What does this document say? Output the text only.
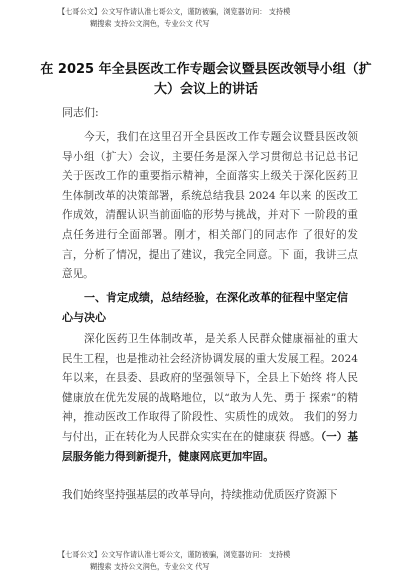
【七哥公文】公文写作请认准七哥公文，谨防被骗，浏览器访问： 支持模
糊搜索 支持公文润色，专业公文 代写
在 2025 年全县医改工作专题会议暨县医改领导小组（扩大）会议上的讲话
同志们:
今天，我们在这里召开全县医改工作专题会议暨县医改领导小组（扩大）会议，主要任务是深入学习贯彻总书记总书记关于医改工作的重要指示精神，全面落实上级关于深化医药卫生体制改革的决策部署，系统总结我县 2024 年以来 的医改工作成效，清醒认识当前面临的形势与挑战，并对下 一阶段的重点任务进行全面部署。刚才，相关部门的同志作 了很好的发言，分析了情况，提出了建议，我完全同意。下 面，我讲三点意见。
一、肯定成绩，总结经验，在深化改革的征程中坚定信心与决心
深化医药卫生体制改革，是关系人民群众健康福祉的重大民生工程，也是推动社会经济协调发展的重大发展工程。2024 年以来，在县委、县政府的坚强领导下，全县上下始终 将人民健康放在优先发展的战略地位，以“敢为人先、勇于 探索”的精神，推动医改工作取得了阶段性、实质性的成效。 我们的努力与付出，正在转化为人民群众实实在在的健康获 得感。（一）基层服务能力得到新提升，健康网底更加牢固。
我们始终坚持强基层的改革导向，持续推动优质医疗资源下
【七哥公文】公文写作请认准七哥公文，谨防被骗，浏览器访问： 支持模
糊搜索 支持公文润色，专业公文 代写
